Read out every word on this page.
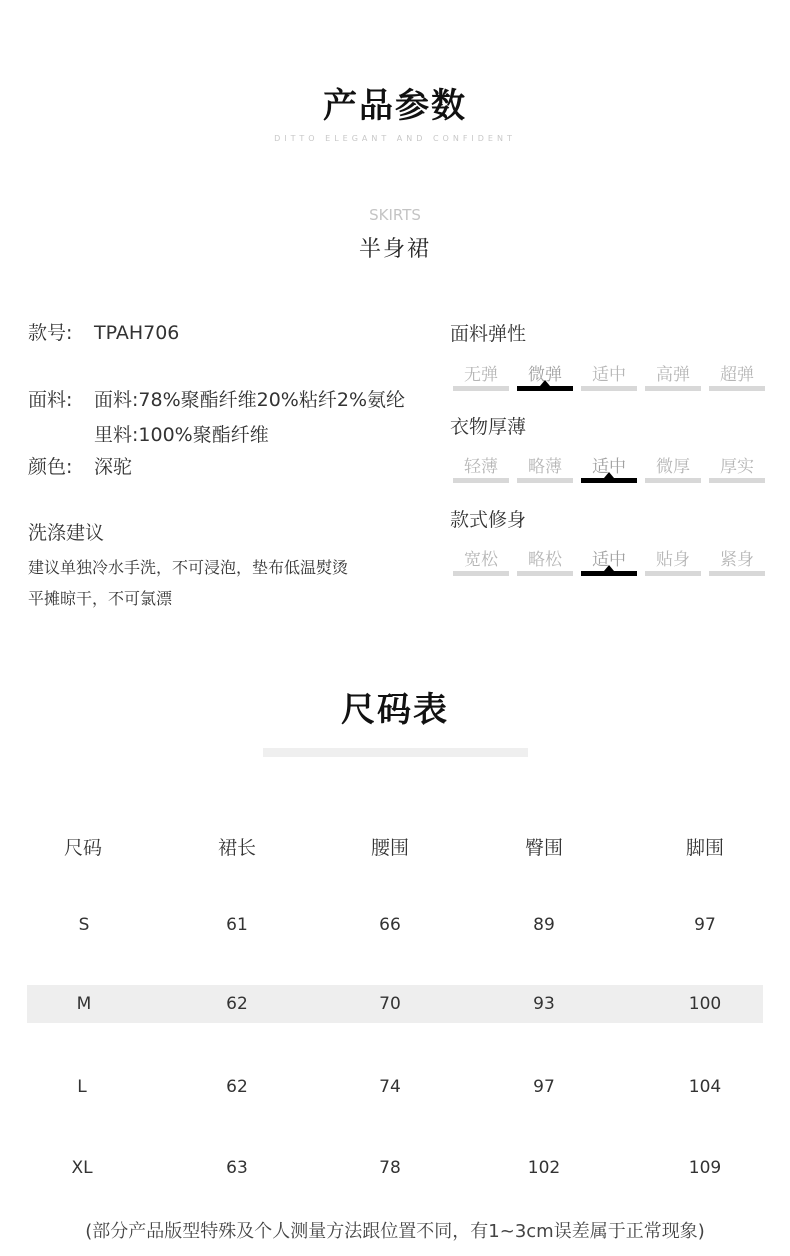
产品参数
DITTO ELEGANT AND CONFIDENT
SKIRTS
半身裙
款号: TPAH706
面料: 面料:78%聚酯纤维20%粘纤2%氨纶
里料:100%聚酯纤维
颜色: 深驼
洗涤建议
建议单独冷水手洗，不可浸泡，垫布低温熨烫
平摊晾干，不可氯漂
面料弹性
无弹	微弹	适中	高弹	超弹
衣物厚薄
轻薄	略薄	适中	微厚	厚实
款式修身
宽松	略松	适中	贴身	紧身
尺码表
尺码	裙长	腰围	臀围	脚围
S	61	66	89	97
M	62	70	93	100
L	62	74	97	104
XL	63	78	102	109
(部分产品版型特殊及个人测量方法跟位置不同，有1~3cm误差属于正常现象)
